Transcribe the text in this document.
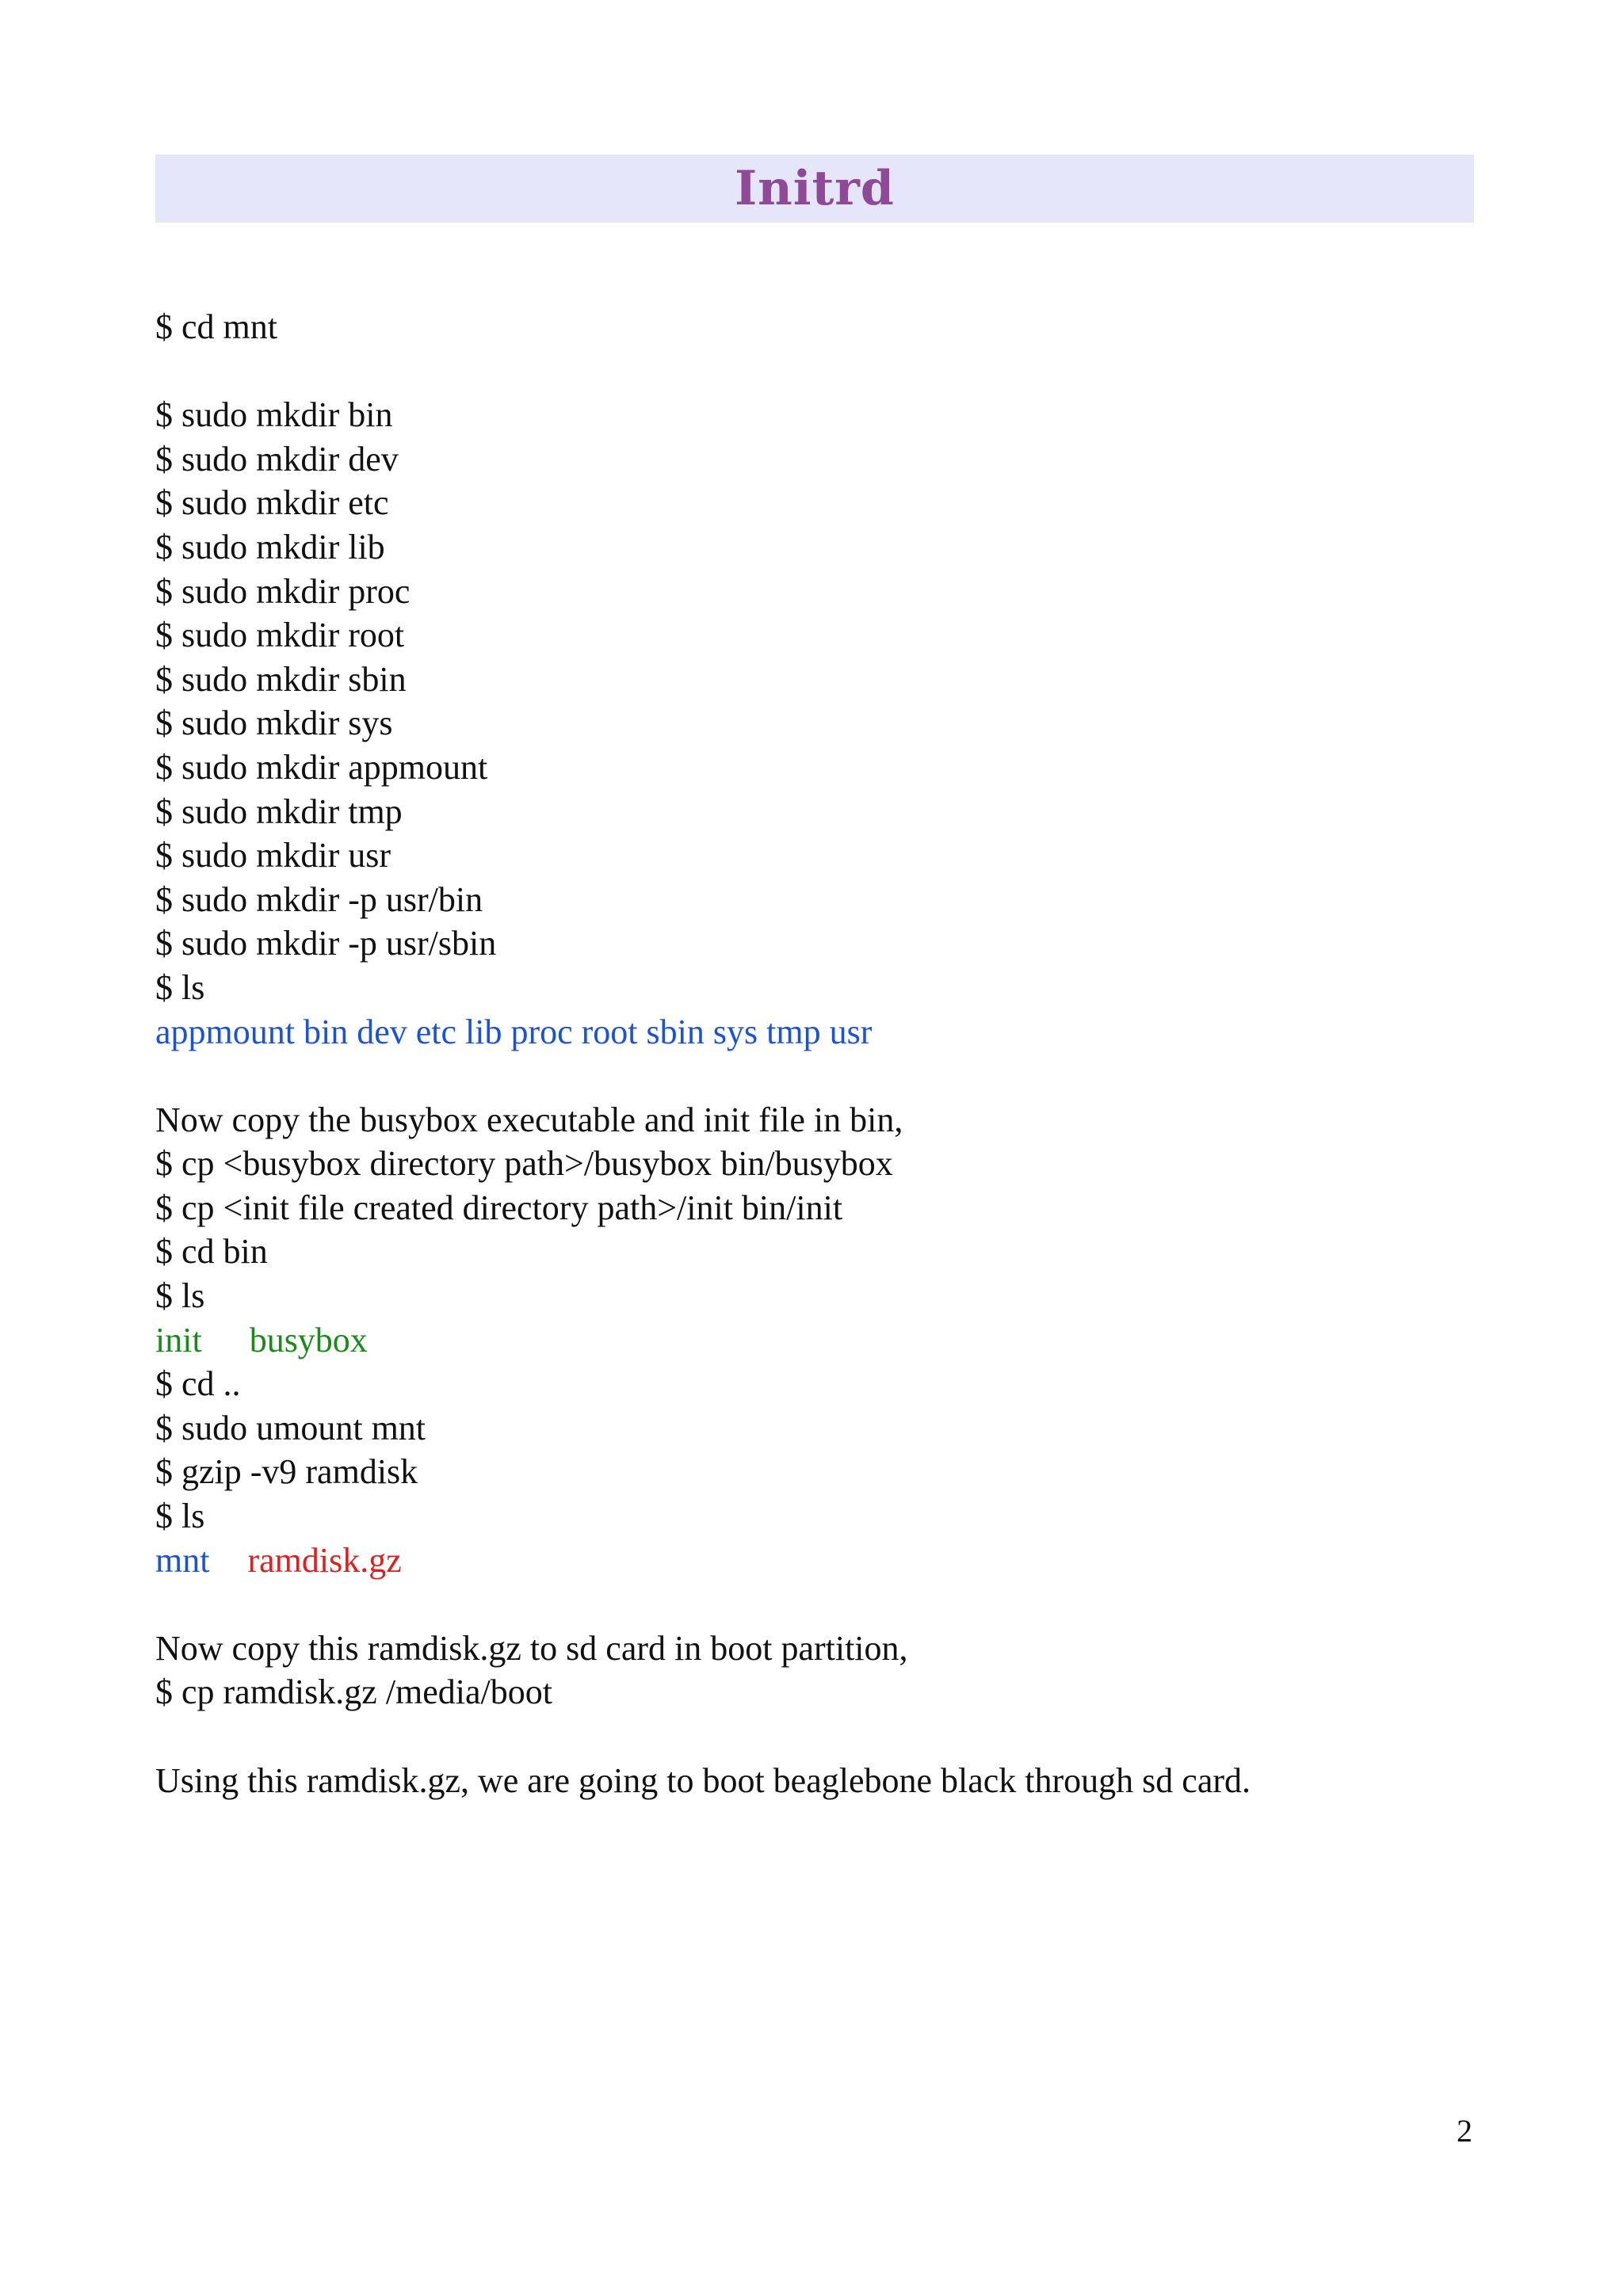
Initrd
$ cd mnt
$ sudo mkdir bin
$ sudo mkdir dev
$ sudo mkdir etc
$ sudo mkdir lib
$ sudo mkdir proc
$ sudo mkdir root
$ sudo mkdir sbin
$ sudo mkdir sys
$ sudo mkdir appmount
$ sudo mkdir tmp
$ sudo mkdir usr
$ sudo mkdir -p usr/bin
$ sudo mkdir -p usr/sbin
$ ls
appmount bin dev etc lib proc root sbin sys tmp usr
Now copy the busybox executable and init file in bin,
$ cp <busybox directory path>/busybox bin/busybox
$ cp <init file created directory path>/init bin/init
$ cd bin
$ ls
init busybox
$ cd ..
$ sudo umount mnt
$ gzip -v9 ramdisk
$ ls
mnt ramdisk.gz
Now copy this ramdisk.gz to sd card in boot partition,
$ cp ramdisk.gz /media/boot
Using this ramdisk.gz, we are going to boot beaglebone black through sd card.
2
